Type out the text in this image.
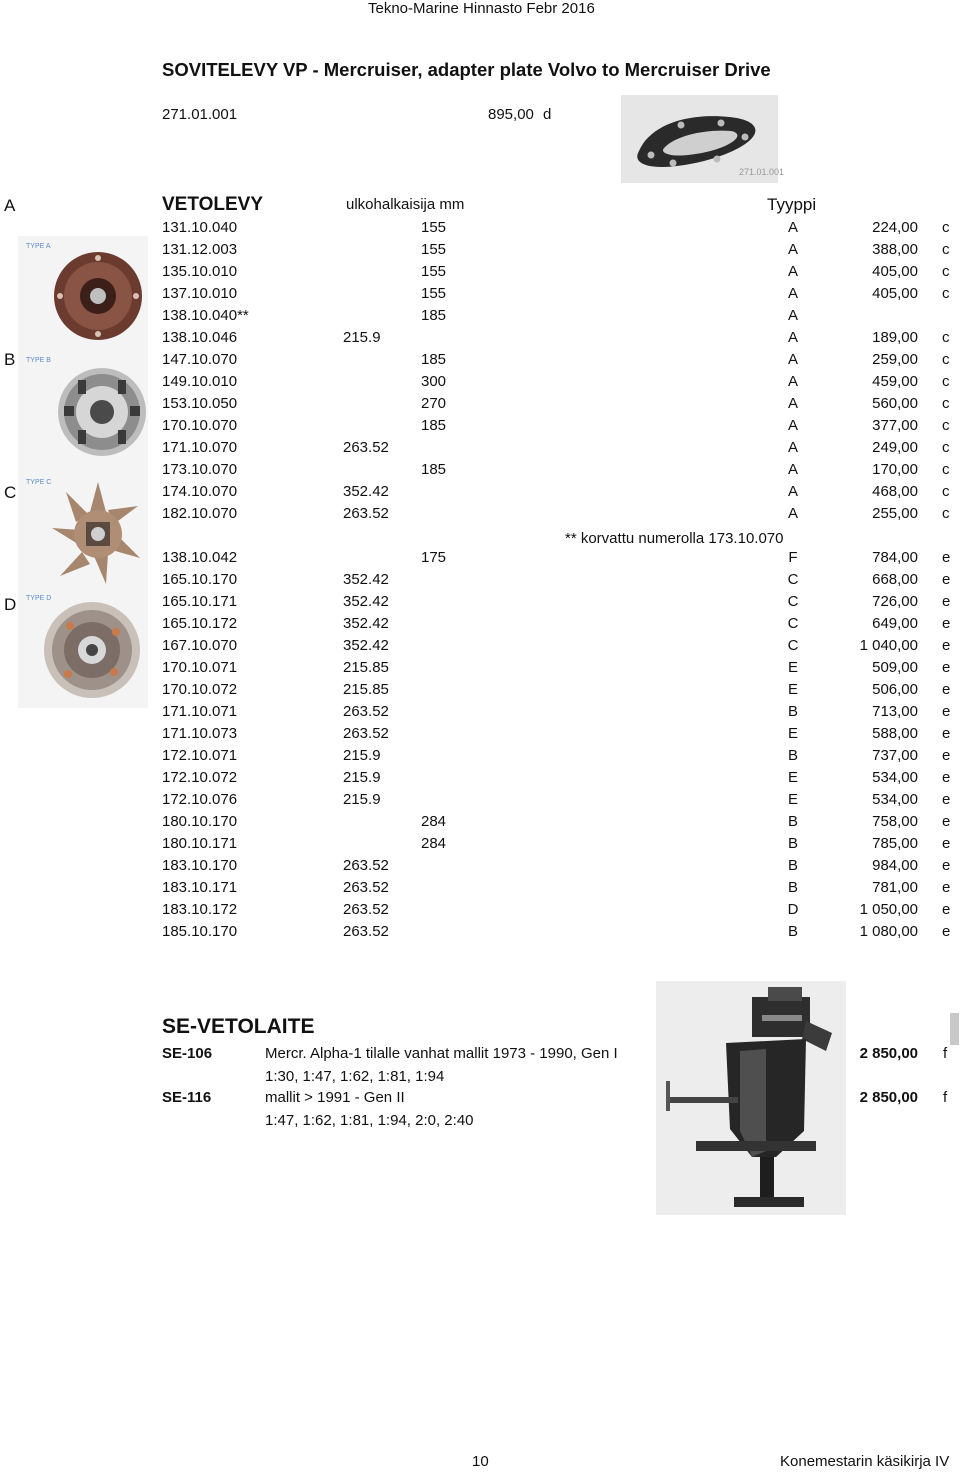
Tekno-Marine Hinnasto Febr 2016
SOVITELEVY VP - Mercruiser, adapter plate Volvo to Mercruiser Drive
271.01.001	895,00 d
271.01.001
A
B
C
D
TYPE A
TYPE B
TYPE C
TYPE D
VETOLEVY	ulkohalkaisija mm	Tyyppi
131.10.040	155	A	224,00 c
131.12.003	155	A	388,00 c
135.10.010	155	A	405,00 c
137.10.010	155	A	405,00 c
138.10.040**	185	A
138.10.046	215.9	A	189,00 c
147.10.070	185	A	259,00 c
149.10.010	300	A	459,00 c
153.10.050	270	A	560,00 c
170.10.070	185	A	377,00 c
171.10.070	263.52	A	249,00 c
173.10.070	185	A	170,00 c
174.10.070	352.42	A	468,00 c
182.10.070	263.52	A	255,00 c
138.10.042	175	F	784,00 e
165.10.170	352.42	C	668,00 e
165.10.171	352.42	C	726,00 e
165.10.172	352.42	C	649,00 e
167.10.070	352.42	C	1 040,00 e
170.10.071	215.85	E	509,00 e
170.10.072	215.85	E	506,00 e
171.10.071	263.52	B	713,00 e
171.10.073	263.52	E	588,00 e
172.10.071	215.9	B	737,00 e
172.10.072	215.9	E	534,00 e
172.10.076	215.9	E	534,00 e
180.10.170	284	B	758,00 e
180.10.171	284	B	785,00 e
183.10.170	263.52	B	984,00 e
183.10.171	263.52	B	781,00 e
183.10.172	263.52	D	1 050,00 e
185.10.170	263.52	B	1 080,00 e
** korvattu numerolla 173.10.070
SE-VETOLAITE
SE-106	Mercr. Alpha-1 tilalle vanhat mallit 1973 - 1990, Gen I
1:30, 1:47, 1:62, 1:81, 1:94
2 850,00 f
SE-116	mallit > 1991 - Gen II
1:47, 1:62, 1:81, 1:94, 2:0, 2:40
2 850,00 f
10	Konemestarin käsikirja IV
